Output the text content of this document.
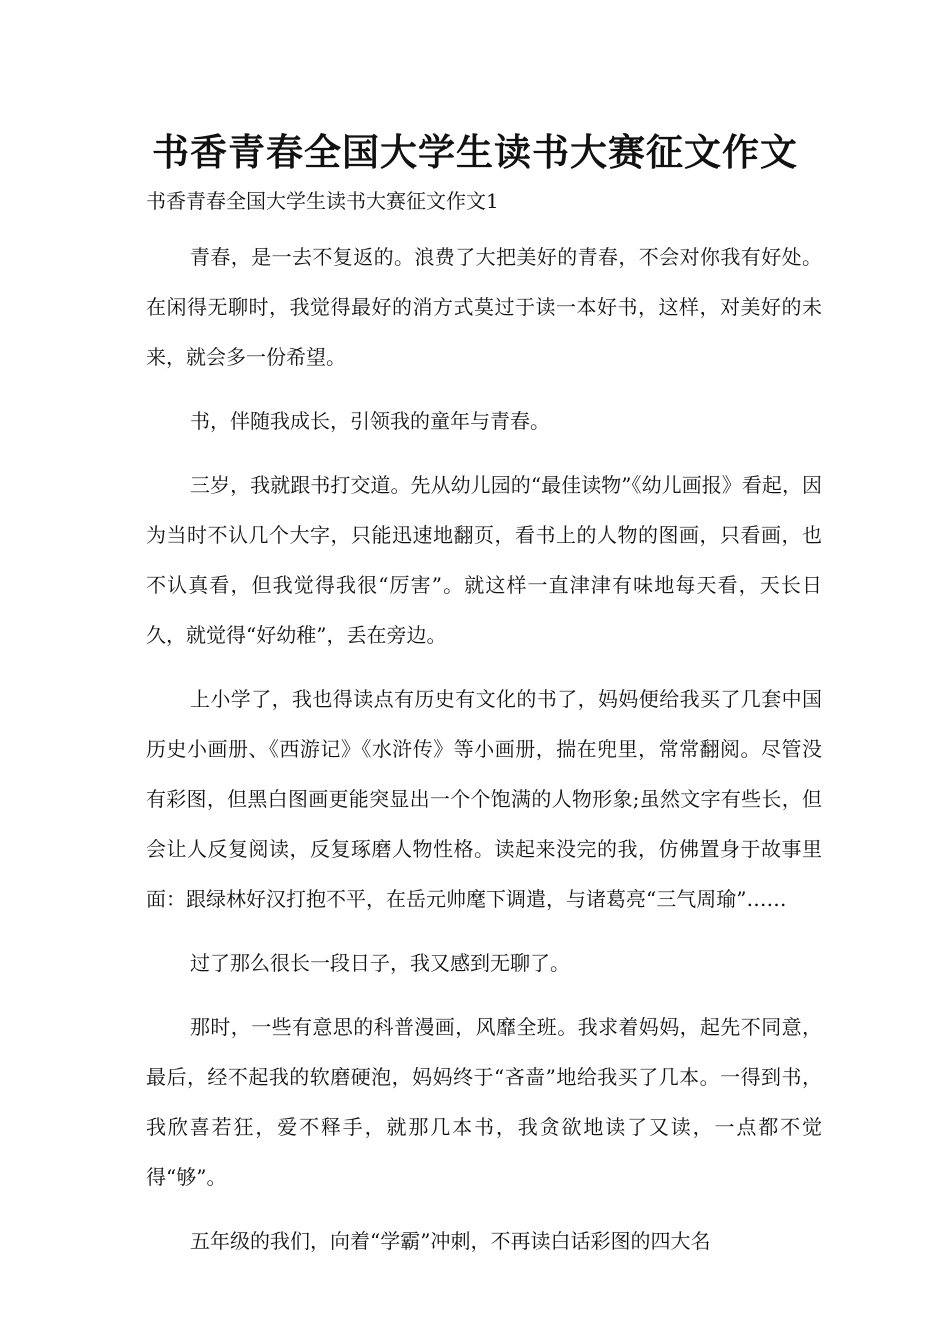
书香青春全国大学生读书大赛征文作文

书香青春全国大学生读书大赛征文作文1

青春，是一去不复返的。浪费了大把美好的青春，不会对你我有好处。在闲得无聊时，我觉得最好的消方式莫过于读一本好书，这样，对美好的未来，就会多一份希望。

书，伴随我成长，引领我的童年与青春。

三岁，我就跟书打交道。先从幼儿园的“最佳读物”《幼儿画报》看起，因为当时不认几个大字，只能迅速地翻页，看书上的人物的图画，只看画，也不认真看，但我觉得我很“厉害”。就这样一直津津有味地每天看，天长日久，就觉得“好幼稚”，丢在旁边。

上小学了，我也得读点有历史有文化的书了，妈妈便给我买了几套中国历史小画册、《西游记》《水浒传》等小画册，揣在兜里，常常翻阅。尽管没有彩图，但黑白图画更能突显出一个个饱满的人物形象;虽然文字有些长，但会让人反复阅读，反复琢磨人物性格。读起来没完的我，仿佛置身于故事里面：跟绿林好汉打抱不平，在岳元帅麾下调遣，与诸葛亮“三气周瑜”……

过了那么很长一段日子，我又感到无聊了。

那时，一些有意思的科普漫画，风靡全班。我求着妈妈，起先不同意，最后，经不起我的软磨硬泡，妈妈终于“吝啬”地给我买了几本。一得到书，我欣喜若狂，爱不释手，就那几本书，我贪欲地读了又读，一点都不觉得“够”。

五年级的我们，向着“学霸”冲刺，不再读白话彩图的四大名
